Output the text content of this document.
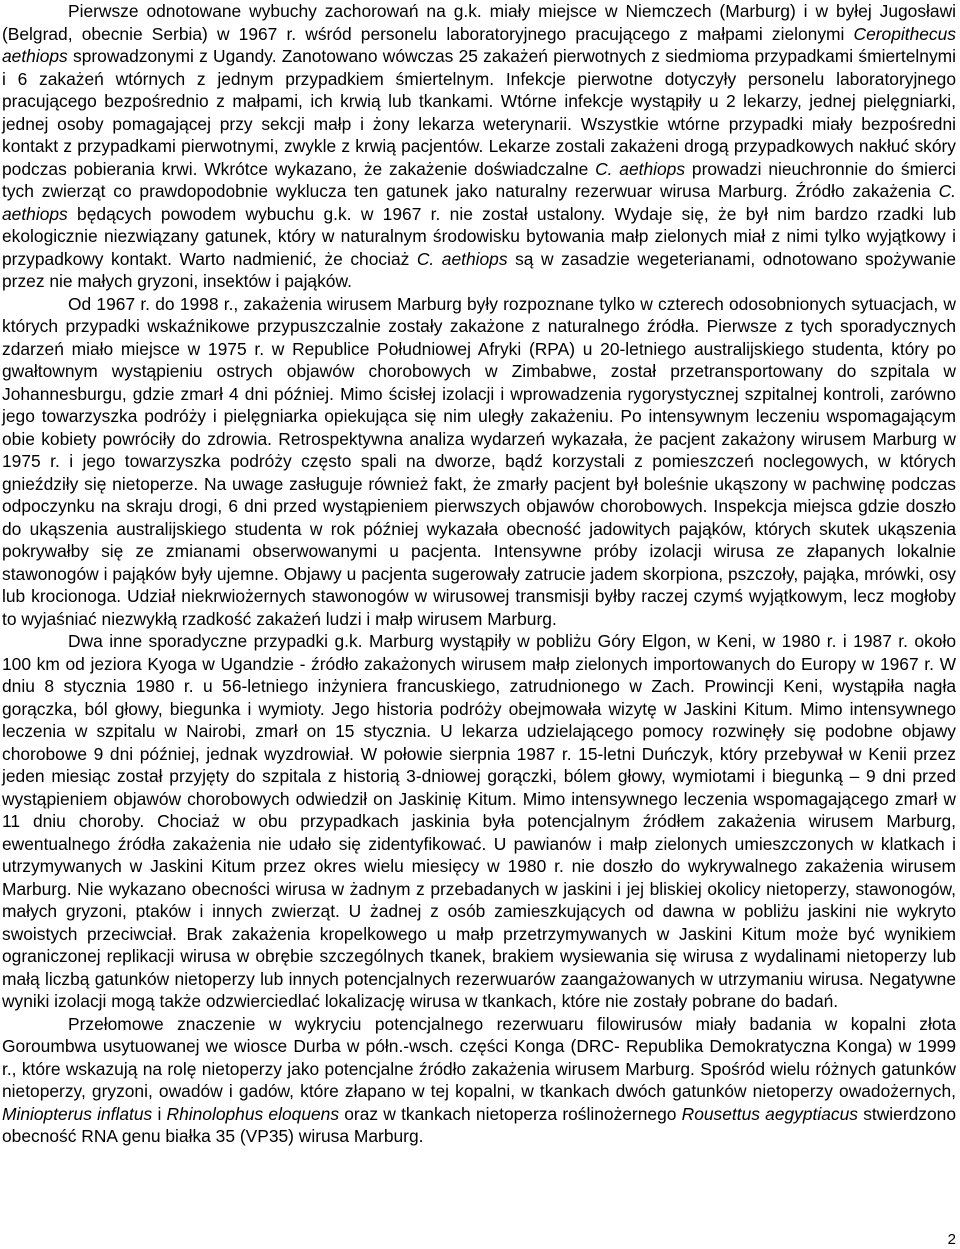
Pierwsze odnotowane wybuchy zachorowań na g.k. miały miejsce w Niemczech (Marburg) i w byłej Jugosławi (Belgrad, obecnie Serbia) w 1967 r. wśród personelu laboratoryjnego pracującego z małpami zielonymi Ceropithecus aethiops sprowadzonymi z Ugandy. Zanotowano wówczas 25 zakażeń pierwotnych z siedmioma przypadkami śmiertelnymi i 6 zakażeń wtórnych z jednym przypadkiem śmiertelnym. Infekcje pierwotne dotyczyły personelu laboratoryjnego pracującego bezpośrednio z małpami, ich krwią lub tkankami. Wtórne infekcje wystąpiły u 2 lekarzy, jednej pielęgniarki, jednej osoby pomagającej przy sekcji małp i żony lekarza weterynarii. Wszystkie wtórne przypadki miały bezpośredni kontakt z przypadkami pierwotnymi, zwykle z krwią pacjentów. Lekarze zostali zakażeni drogą przypadkowych nakłuć skóry podczas pobierania krwi. Wkrótce wykazano, że zakażenie doświadczalne C. aethiops prowadzi nieuchronnie do śmierci tych zwierząt co prawdopodobnie wyklucza ten gatunek jako naturalny rezerwuar wirusa Marburg. Źródło zakażenia C. aethiops będących powodem wybuchu g.k. w 1967 r. nie został ustalony. Wydaje się, że był nim bardzo rzadki lub ekologicznie niezwiązany gatunek, który w naturalnym środowisku bytowania małp zielonych miał z nimi tylko wyjątkowy i przypadkowy kontakt. Warto nadmienić, że chociaż C. aethiops są w zasadzie wegeterianami, odnotowano spożywanie przez nie małych gryzoni, insektów i pająków.

Od 1967 r. do 1998 r., zakażenia wirusem Marburg były rozpoznane tylko w czterech odosobnionych sytuacjach, w których przypadki wskaźnikowe przypuszczalnie zostały zakażone z naturalnego źródła. Pierwsze z tych sporadycznych zdarzeń miało miejsce w 1975 r. w Republice Południowej Afryki (RPA) u 20-letniego australijskiego studenta, który po gwałtownym wystąpieniu ostrych objawów chorobowych w Zimbabwe, został przetransportowany do szpitala w Johannesburgu, gdzie zmarł 4 dni później. Mimo ścisłej izolacji i wprowadzenia rygorystycznej szpitalnej kontroli, zarówno jego towarzyszka podróży i pielęgniarka opiekująca się nim uległy zakażeniu. Po intensywnym leczeniu wspomagającym obie kobiety powróciły do zdrowia. Retrospektywna analiza wydarzeń wykazała, że pacjent zakażony wirusem Marburg w 1975 r. i jego towarzyszka podróży często spali na dworze, bądź korzystali z pomieszczeń noclegowych, w których gnieździły się nietoperze. Na uwage zasługuje również fakt, że zmarły pacjent był boleśnie ukąszony w pachwinę podczas odpoczynku na skraju drogi, 6 dni przed wystąpieniem pierwszych objawów chorobowych. Inspekcja miejsca gdzie doszło do ukąszenia australijskiego studenta w rok później wykazała obecność jadowitych pająków, których skutek ukąszenia pokrywałby się ze zmianami obserwowanymi u pacjenta. Intensywne próby izolacji wirusa ze złapanych lokalnie stawonogów i pająków były ujemne. Objawy u pacjenta sugerowały zatrucie jadem skorpiona, pszczoły, pająka, mrówki, osy lub krocionoga. Udział niekrwiożernych stawonogów w wirusowej transmisji byłby raczej czymś wyjątkowym, lecz mogłoby to wyjaśniać niezwykłą rzadkość zakażeń ludzi i małp wirusem Marburg.

Dwa inne sporadyczne przypadki g.k. Marburg wystąpiły w pobliżu Góry Elgon, w Keni, w 1980 r. i 1987 r. około 100 km od jeziora Kyoga w Ugandzie - źródło zakażonych wirusem małp zielonych importowanych do Europy w 1967 r. W dniu 8 stycznia 1980 r. u 56-letniego inżyniera francuskiego, zatrudnionego w Zach. Prowincji Keni, wystąpiła nagła gorączka, ból głowy, biegunka i wymioty. Jego historia podróży obejmowała wizytę w Jaskini Kitum. Mimo intensywnego leczenia w szpitalu w Nairobi, zmarł on 15 stycznia. U lekarza udzielającego pomocy rozwinęły się podobne objawy chorobowe 9 dni później, jednak wyzdrowiał. W połowie sierpnia 1987 r. 15-letni Duńczyk, który przebywał w Kenii przez jeden miesiąc został przyjęty do szpitala z historią 3-dniowej gorączki, bólem głowy, wymiotami i biegunką – 9 dni przed wystąpieniem objawów chorobowych odwiedził on Jaskinię Kitum. Mimo intensywnego leczenia wspomagającego zmarł w 11 dniu choroby. Chociaż w obu przypadkach jaskinia była potencjalnym źródłem zakażenia wirusem Marburg, ewentualnego źródła zakażenia nie udało się zidentyfikować. U pawianów i małp zielonych umieszczonych w klatkach i utrzymywanych w Jaskini Kitum przez okres wielu miesięcy w 1980 r. nie doszło do wykrywalnego zakażenia wirusem Marburg. Nie wykazano obecności wirusa w żadnym z przebadanych w jaskini i jej bliskiej okolicy nietoperzy, stawonogów, małych gryzoni, ptaków i innych zwierząt. U żadnej z osób zamieszkujących od dawna w pobliżu jaskini nie wykryto swoistych przeciwciał. Brak zakażenia kropelkowego u małp przetrzymywanych w Jaskini Kitum może być wynikiem ograniczonej replikacji wirusa w obrębie szczególnych tkanek, brakiem wysiewania się wirusa z wydalinami nietoperzy lub małą liczbą gatunków nietoperzy lub innych potencjalnych rezerwuarów zaangażowanych w utrzymaniu wirusa. Negatywne wyniki izolacji mogą także odzwierciedlać lokalizację wirusa w tkankach, które nie zostały pobrane do badań.

Przełomowe znaczenie w wykryciu potencjalnego rezerwuaru filowirusów miały badania w kopalni złota Goroumbwa usytuowanej we wiosce Durba w półn.-wsch. części Konga (DRC- Republika Demokratyczna Konga) w 1999 r., które wskazują na rolę nietoperzy jako potencjalne źródło zakażenia wirusem Marburg. Spośród wielu różnych gatunków nietoperzy, gryzoni, owadów i gadów, które złapano w tej kopalni, w tkankach dwóch gatunków nietoperzy owadożernych, Miniopterus inflatus i Rhinolophus eloquens oraz w tkankach nietoperza roślinożernego Rousettus aegyptiacus stwierdzono obecność RNA genu białka 35 (VP35) wirusa Marburg.

2
